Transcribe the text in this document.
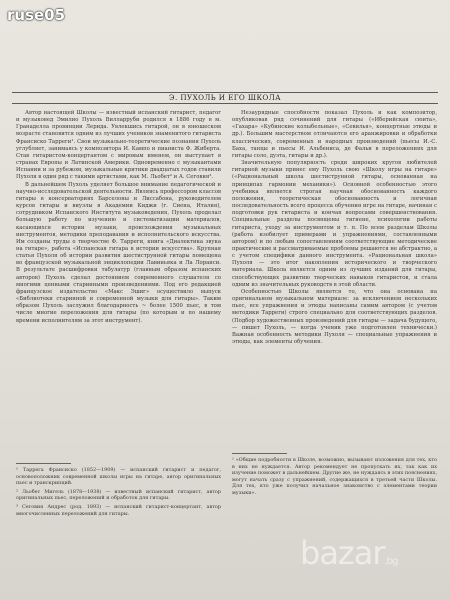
ruse05
Э. ПУХОЛЬ И ЕГО ШКОЛА

Автор настоящей Школы — известный испанский гитарист, педагог и музыковед Эмилио Пухоль Вилларруби родился в 1886 году в м. Гранаделла провинции Лерида. Увлекшись гитарой, он в юношеском возрасте становится одним из лучших учеников знаменитого гитариста Франсиско Тарреги¹. Свои музыкально-теоретические познания Пухоль углубляет, занимаясь у композитора И. Кампо и пианиста Ф. Жиберта. Став гитаристом-концертантом с мировым именем, он выступает в странах Европы и Латинской Америки. Одновременно с музыкантами Испании и за рубежом, музыкальные критики двадцатых годов ставили Пухоля в один ряд с такими артистами, как М. Льобет² и А. Сеговия³.

В дальнейшем Пухоль уделяет большое внимание педагогической и научно-исследовательской деятельности. Являясь профессором классов гитары в консерваториях Барселоны и Лиссабона, руководителем курсов гитары и виуэлы в Академии Киджи (г. Сиена, Италия), сотрудником Испанского Института музыковедения, Пухоль проделал большую работу по изучению и систематизации материалов, касающихся истории музыки, происхождения музыкальных инструментов, методики преподавания и исполнительского искусства. Им созданы труды о творчестве Ф. Тарреги, книга «Диалектика звука на гитаре», работа «Испанская гитара в истории искусства». Крупная статья Пухоля об истории развития шестиструнной гитары помещена во французской музыкальной энциклопедии Лавиньяка и Ла Лоранси. В результате расшифровки табулатур (главным образом испанских авторов) Пухоль сделал достоянием современного слушателя со многими ценными старинными произведениями. Под его редакцией французское издательство «Макс Эшиг» осуществило выпуск «Библиотеки старинной и современной музыки для гитары». Таким образом Пухоль заслужил благодарность ~ более 1500 пьес, в том числе многие переложения для гитары (по которым и по нашему времени исполнителям за этот инструмент).

¹ Таррега Франсиско (1852—1909) — испанский гитарист и педагог, основоположник современной школы игры на гитаре, автор оригинальных пьес и транскрипций.

² Льобет Мигель (1878—1938) — известный испанский гитарист, автор оригинальных пьес, переложений и обработок для гитары.

³ Сеговия Андрес (род. 1893) — испанский гитарист-концертант, автор многочисленных переложений для гитары.

Незаурядные способности показал Пухоль и как композитор, опубликовав ряд сочинений для гитары («Иберийская сюита», «Гахара» «Кубинские колыбельные», «Севилья», концертные этюды и др.). Большим мастерством отличаются его аранжировки и обработки классических, современных и народных произведений (пьесы И.-С. Баха, танцы и пьесы И. Альбениса, де Фальи в переложениях для гитары соло, дуэта, гитары и др.).

Значительную популярность среди широких кругов любителей гитарной музыки принес ему Пухоль свою «Школу игры на гитаре» («Рациональный школа шестиструнной гитары, основанная на принципах гармонии механики»). Основной особенностью этого учебника является строгая научная обоснованность каждого положения, теоретическая обоснованность и логичная последовательность всего процесса обучения игре на гитаре, начиная с подготовки рук гитариста и кончая вопросами совершенствования. Специальные разделы посвящены гигиене, психологии работы гитариста, уходу за инструментом и т. п. По всем разделам Школы (работа изобилует примерами и упражнениями, составленными автором) и по любым сопоставлениям соответствующие методические практические и рассматриваемые проблемы решаются не абстрактно, а с учетом специфики данного инструмента. «Рациональная школа» Пухоля — это итог накопления исторического и творческого материала. Школа является одним из лучших изданий для гитары, способствующих развитию творческих навыков гитаристов, и стала одним из значительных руководств в этой области.

Особенностью Школы является то, что она основана на оригинальном музыкальном материале: за исключением нескольких пьес, все упражнения и этюды написаны самим автором (с учетом методики Тарреги) строго специально для соответствующих разделов. (Подбор художественных произведений для гитары — задача будущего, — пишет Пухоль, — когда ученик уже подготовлен технически.) Важная особенность методики Пухоля — специальные упражнения и этюды, как элементы обучения.

¹ «Общие подробности в Школе, возможно, вызывают изложения для тех, кто в них не нуждается. Автор рекомендует не пропускать их, так как их изучение поможет в дальнейшем. Другие же, не нуждаясь в этих пояснениях, могут начать сразу с упражнений, содержащихся в третьей части Школы. Для тех, кто уже получил начальное знакомство с элементами теории музыки».

bazar.bg
